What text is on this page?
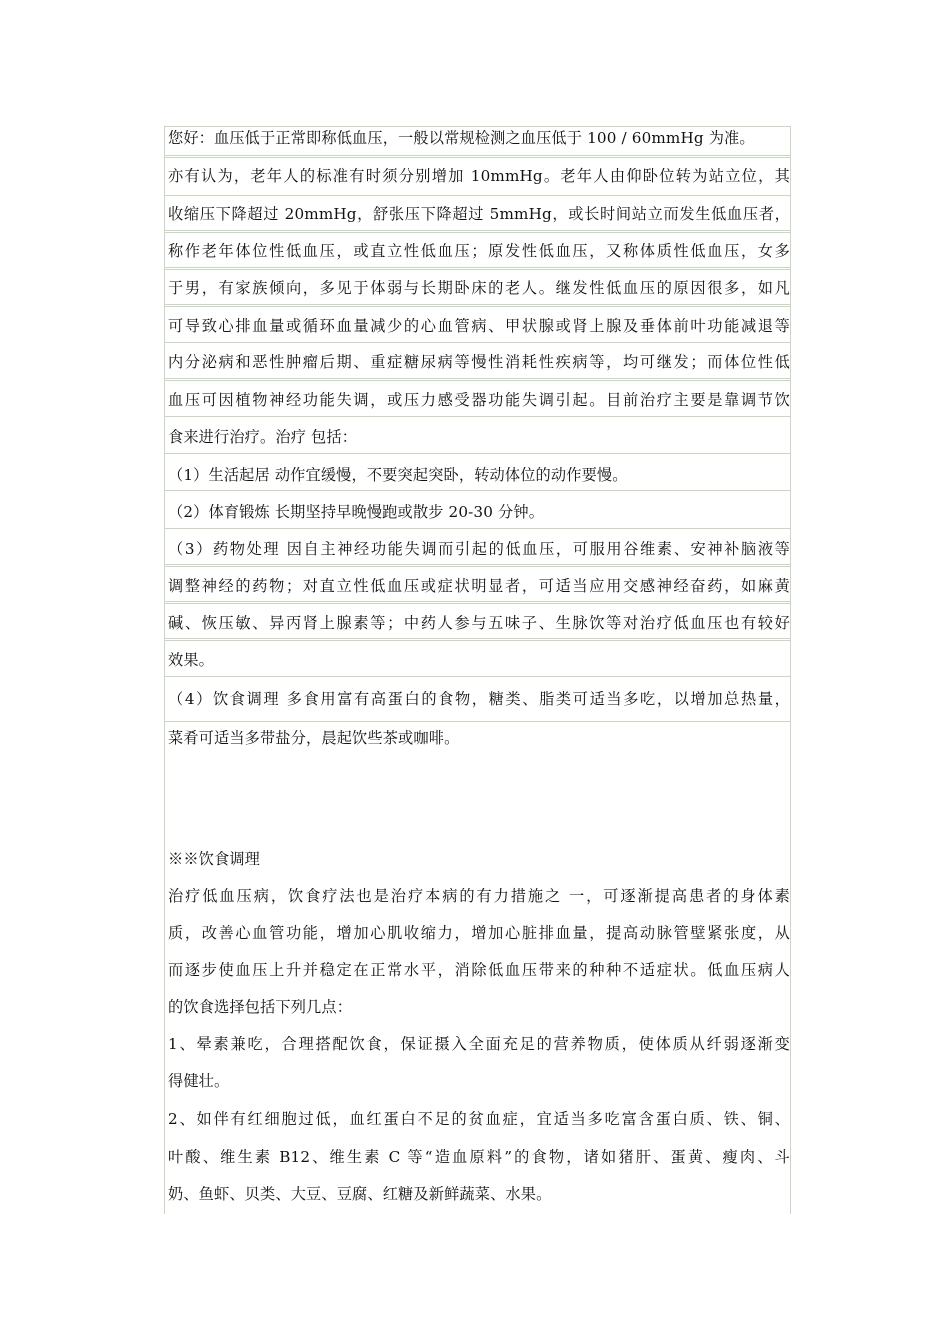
您好：血压低于正常即称低血压，一般以常规检测之血压低于 100 / 60mmHg 为准。
亦有认为，老年人的标准有时须分别增加 10mmHg。老年人由仰卧位转为站立位，其
收缩压下降超过 20mmHg，舒张压下降超过 5mmHg，或长时间站立而发生低血压者，
称作老年体位性低血压，或直立性低血压；原发性低血压，又称体质性低血压，女多
于男，有家族倾向，多见于体弱与长期卧床的老人。继发性低血压的原因很多，如凡
可导致心排血量或循环血量减少的心血管病、甲状腺或肾上腺及垂体前叶功能减退等
内分泌病和恶性肿瘤后期、重症糖尿病等慢性消耗性疾病等，均可继发；而体位性低
血压可因植物神经功能失调，或压力感受器功能失调引起。目前治疗主要是靠调节饮
食来进行治疗。治疗 包括：
（1）生活起居 动作宜缓慢，不要突起突卧，转动体位的动作要慢。
（2）体育锻炼 长期坚持早晚慢跑或散步 20-30 分钟。
（3）药物处理 因自主神经功能失调而引起的低血压，可服用谷维素、安神补脑液等
调整神经的药物；对直立性低血压或症状明显者，可适当应用交感神经奋药，如麻黄
碱、恢压敏、异丙肾上腺素等；中药人参与五味子、生脉饮等对治疗低血压也有较好
效果。
（4）饮食调理 多食用富有高蛋白的食物，糖类、脂类可适当多吃，以增加总热量，
菜肴可适当多带盐分，晨起饮些茶或咖啡。
※※饮食调理
治疗低血压病，饮食疗法也是治疗本病的有力措施之 一，可逐渐提高患者的身体素
质，改善心血管功能，增加心肌收缩力，增加心脏排血量，提高动脉管壁紧张度，从
而逐步使血压上升并稳定在正常水平，消除低血压带来的种种不适症状。低血压病人
的饮食选择包括下列几点：
1、晕素兼吃，合理搭配饮食，保证摄入全面充足的营养物质，使体质从纤弱逐渐变
得健壮。
2、如伴有红细胞过低，血红蛋白不足的贫血症，宜适当多吃富含蛋白质、铁、铜、
叶酸、维生素 B12、维生素 C 等“造血原料”的食物，诸如猪肝、蛋黄、瘦肉、斗
奶、鱼虾、贝类、大豆、豆腐、红糖及新鲜蔬菜、水果。
